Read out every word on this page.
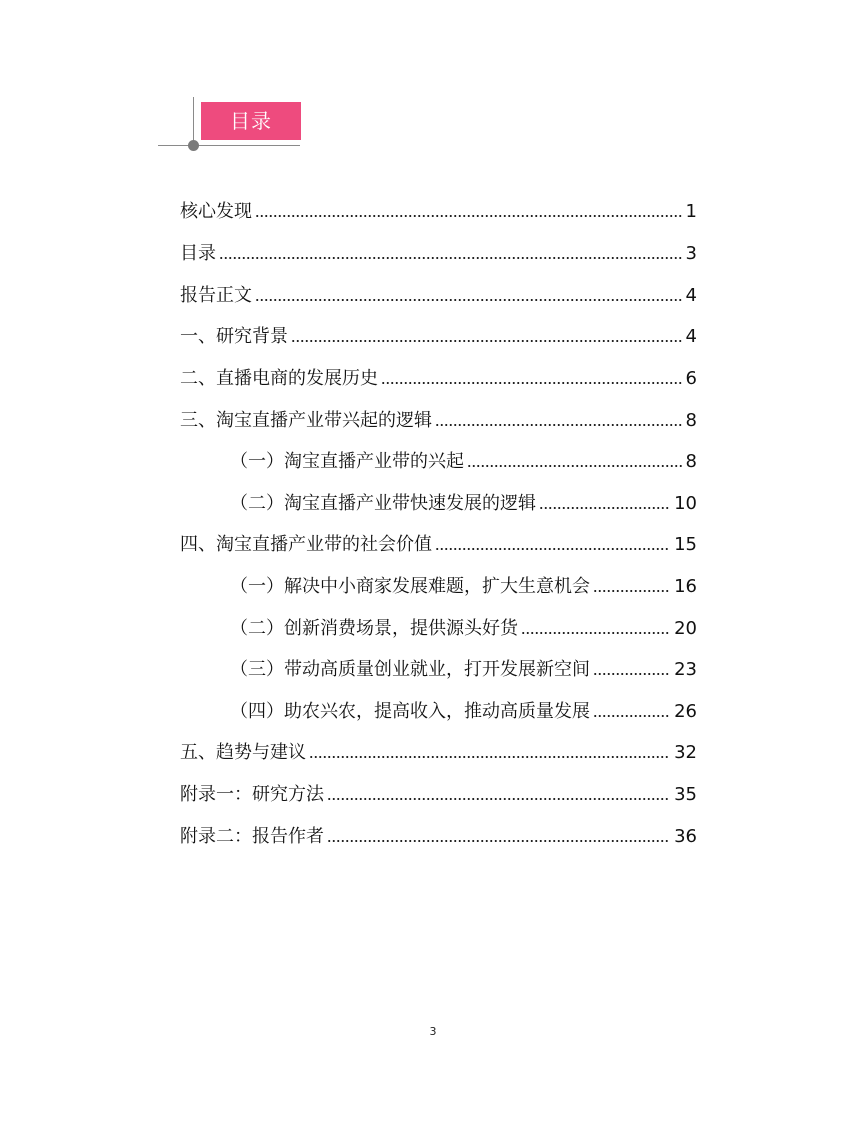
目录
核心发现	1
目录	3
报告正文	4
一、研究背景	4
二、直播电商的发展历史	6
三、淘宝直播产业带兴起的逻辑	8
（一）淘宝直播产业带的兴起	8
（二）淘宝直播产业带快速发展的逻辑	10
四、淘宝直播产业带的社会价值	15
（一）解决中小商家发展难题，扩大生意机会	16
（二）创新消费场景，提供源头好货	20
（三）带动高质量创业就业，打开发展新空间	23
（四）助农兴农，提高收入，推动高质量发展	26
五、趋势与建议	32
附录一：研究方法	35
附录二：报告作者	36
3
